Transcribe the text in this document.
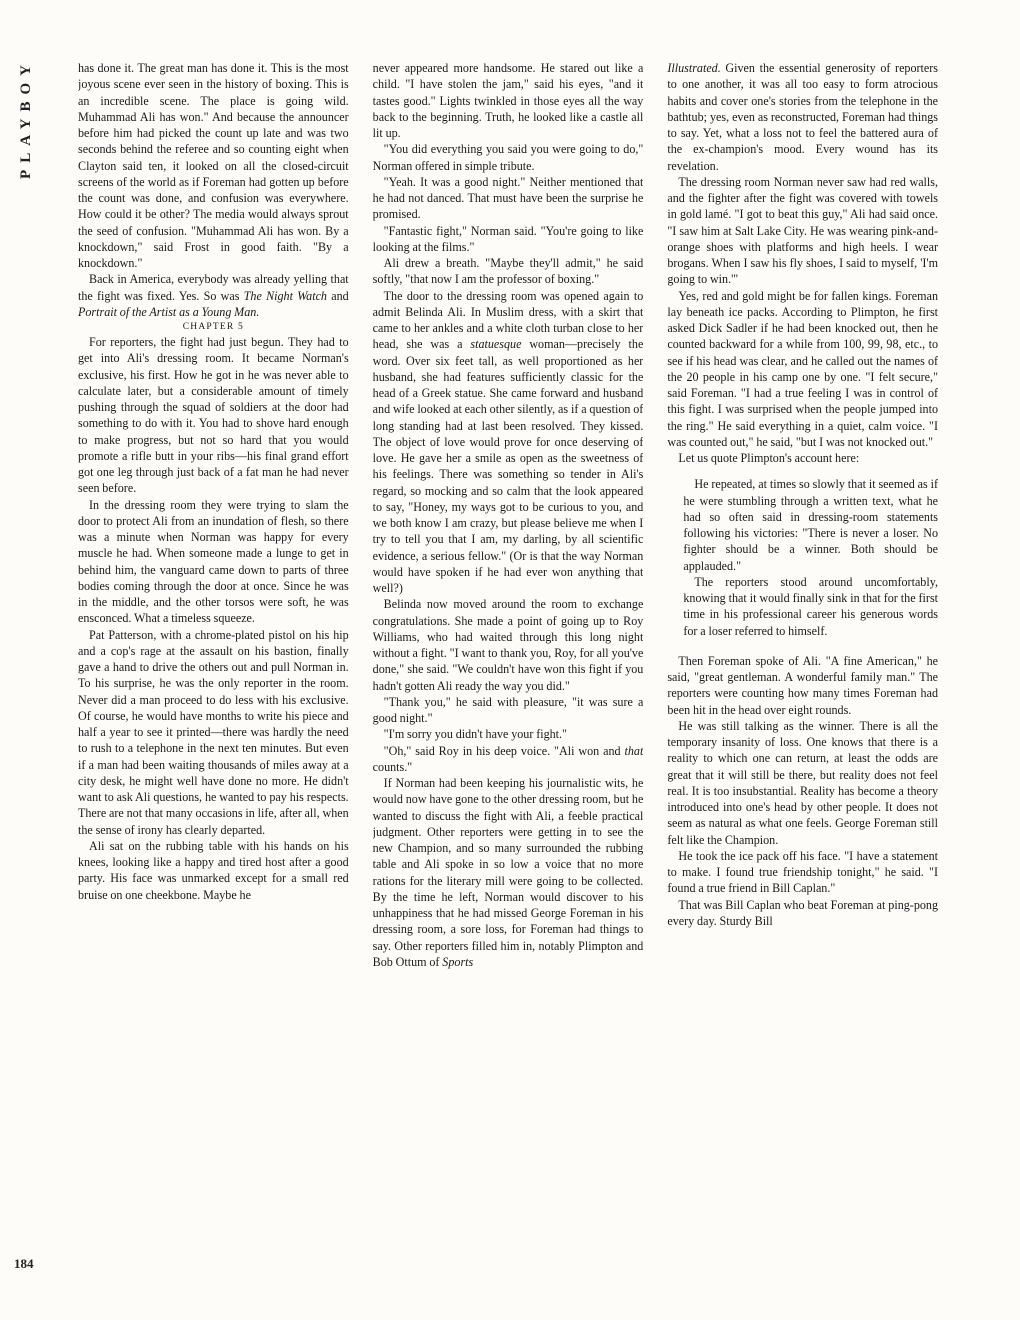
PLAYBOY
184

has done it. The great man has done it. This is the most joyous scene ever seen in the history of boxing. This is an incredible scene. The place is going wild. Muhammad Ali has won." And because the announcer before him had picked the count up late and was two seconds behind the referee and so counting eight when Clayton said ten, it looked on all the closed-circuit screens of the world as if Foreman had gotten up before the count was done, and confusion was everywhere. How could it be other? The media would always sprout the seed of confusion. "Muhammad Ali has won. By a knockdown," said Frost in good faith. "By a knockdown."

Back in America, everybody was already yelling that the fight was fixed. Yes. So was The Night Watch and Portrait of the Artist as a Young Man.

CHAPTER 5

For reporters, the fight had just begun. They had to get into Ali's dressing room. It became Norman's exclusive, his first. How he got in he was never able to calculate later, but a considerable amount of timely pushing through the squad of soldiers at the door had something to do with it. You had to shove hard enough to make progress, but not so hard that you would promote a rifle butt in your ribs—his final grand effort got one leg through just back of a fat man he had never seen before.

In the dressing room they were trying to slam the door to protect Ali from an inundation of flesh, so there was a minute when Norman was happy for every muscle he had. When someone made a lunge to get in behind him, the vanguard came down to parts of three bodies coming through the door at once. Since he was in the middle, and the other torsos were soft, he was ensconced. What a timeless squeeze.

Pat Patterson, with a chrome-plated pistol on his hip and a cop's rage at the assault on his bastion, finally gave a hand to drive the others out and pull Norman in. To his surprise, he was the only reporter in the room. Never did a man proceed to do less with his exclusive. Of course, he would have months to write his piece and half a year to see it printed—there was hardly the need to rush to a telephone in the next ten minutes. But even if a man had been waiting thousands of miles away at a city desk, he might well have done no more. He didn't want to ask Ali questions, he wanted to pay his respects. There are not that many occasions in life, after all, when the sense of irony has clearly departed.

Ali sat on the rubbing table with his hands on his knees, looking like a happy and tired host after a good party. His face was unmarked except for a small red bruise on one cheekbone. Maybe he

never appeared more handsome. He stared out like a child. "I have stolen the jam," said his eyes, "and it tastes good." Lights twinkled in those eyes all the way back to the beginning. Truth, he looked like a castle all lit up.

"You did everything you said you were going to do," Norman offered in simple tribute.

"Yeah. It was a good night." Neither mentioned that he had not danced. That must have been the surprise he promised.

"Fantastic fight," Norman said. "You're going to like looking at the films."

Ali drew a breath. "Maybe they'll admit," he said softly, "that now I am the professor of boxing."

The door to the dressing room was opened again to admit Belinda Ali. In Muslim dress, with a skirt that came to her ankles and a white cloth turban close to her head, she was a statuesque woman—precisely the word. Over six feet tall, as well proportioned as her husband, she had features sufficiently classic for the head of a Greek statue. She came forward and husband and wife looked at each other silently, as if a question of long standing had at last been resolved. They kissed. The object of love would prove for once deserving of love. He gave her a smile as open as the sweetness of his feelings. There was something so tender in Ali's regard, so mocking and so calm that the look appeared to say, "Honey, my ways got to be curious to you, and we both know I am crazy, but please believe me when I try to tell you that I am, my darling, by all scientific evidence, a serious fellow." (Or is that the way Norman would have spoken if he had ever won anything that well?)

Belinda now moved around the room to exchange congratulations. She made a point of going up to Roy Williams, who had waited through this long night without a fight. "I want to thank you, Roy, for all you've done," she said. "We couldn't have won this fight if you hadn't gotten Ali ready the way you did."

"Thank you," he said with pleasure, "it was sure a good night."

"I'm sorry you didn't have your fight."

"Oh," said Roy in his deep voice. "Ali won and that counts."

If Norman had been keeping his journalistic wits, he would now have gone to the other dressing room, but he wanted to discuss the fight with Ali, a feeble practical judgment. Other reporters were getting in to see the new Champion, and so many surrounded the rubbing table and Ali spoke in so low a voice that no more rations for the literary mill were going to be collected. By the time he left, Norman would discover to his unhappiness that he had missed George Foreman in his dressing room, a sore loss, for Foreman had things to say. Other reporters filled him in, notably Plimpton and Bob Ottum of Sports

Illustrated. Given the essential generosity of reporters to one another, it was all too easy to form atrocious habits and cover one's stories from the telephone in the bathtub; yes, even as reconstructed, Foreman had things to say. Yet, what a loss not to feel the battered aura of the ex-champion's mood. Every wound has its revelation.

The dressing room Norman never saw had red walls, and the fighter after the fight was covered with towels in gold lamé. "I got to beat this guy," Ali had said once. "I saw him at Salt Lake City. He was wearing pink-and-orange shoes with platforms and high heels. I wear brogans. When I saw his fly shoes, I said to myself, 'I'm going to win.'"

Yes, red and gold might be for fallen kings. Foreman lay beneath ice packs. According to Plimpton, he first asked Dick Sadler if he had been knocked out, then he counted backward for a while from 100, 99, 98, etc., to see if his head was clear, and he called out the names of the 20 people in his camp one by one. "I felt secure," said Foreman. "I had a true feeling I was in control of this fight. I was surprised when the people jumped into the ring." He said everything in a quiet, calm voice. "I was counted out," he said, "but I was not knocked out."

Let us quote Plimpton's account here:

He repeated, at times so slowly that it seemed as if he were stumbling through a written text, what he had so often said in dressing-room statements following his victories: "There is never a loser. No fighter should be a winner. Both should be applauded."

The reporters stood around uncomfortably, knowing that it would finally sink in that for the first time in his professional career his generous words for a loser referred to himself.

Then Foreman spoke of Ali. "A fine American," he said, "great gentleman. A wonderful family man." The reporters were counting how many times Foreman had been hit in the head over eight rounds.

He was still talking as the winner. There is all the temporary insanity of loss. One knows that there is a reality to which one can return, at least the odds are great that it will still be there, but reality does not feel real. It is too insubstantial. Reality has become a theory introduced into one's head by other people. It does not seem as natural as what one feels. George Foreman still felt like the Champion.

He took the ice pack off his face. "I have a statement to make. I found true friendship tonight," he said. "I found a true friend in Bill Caplan."

That was Bill Caplan who beat Foreman at ping-pong every day. Sturdy Bill
